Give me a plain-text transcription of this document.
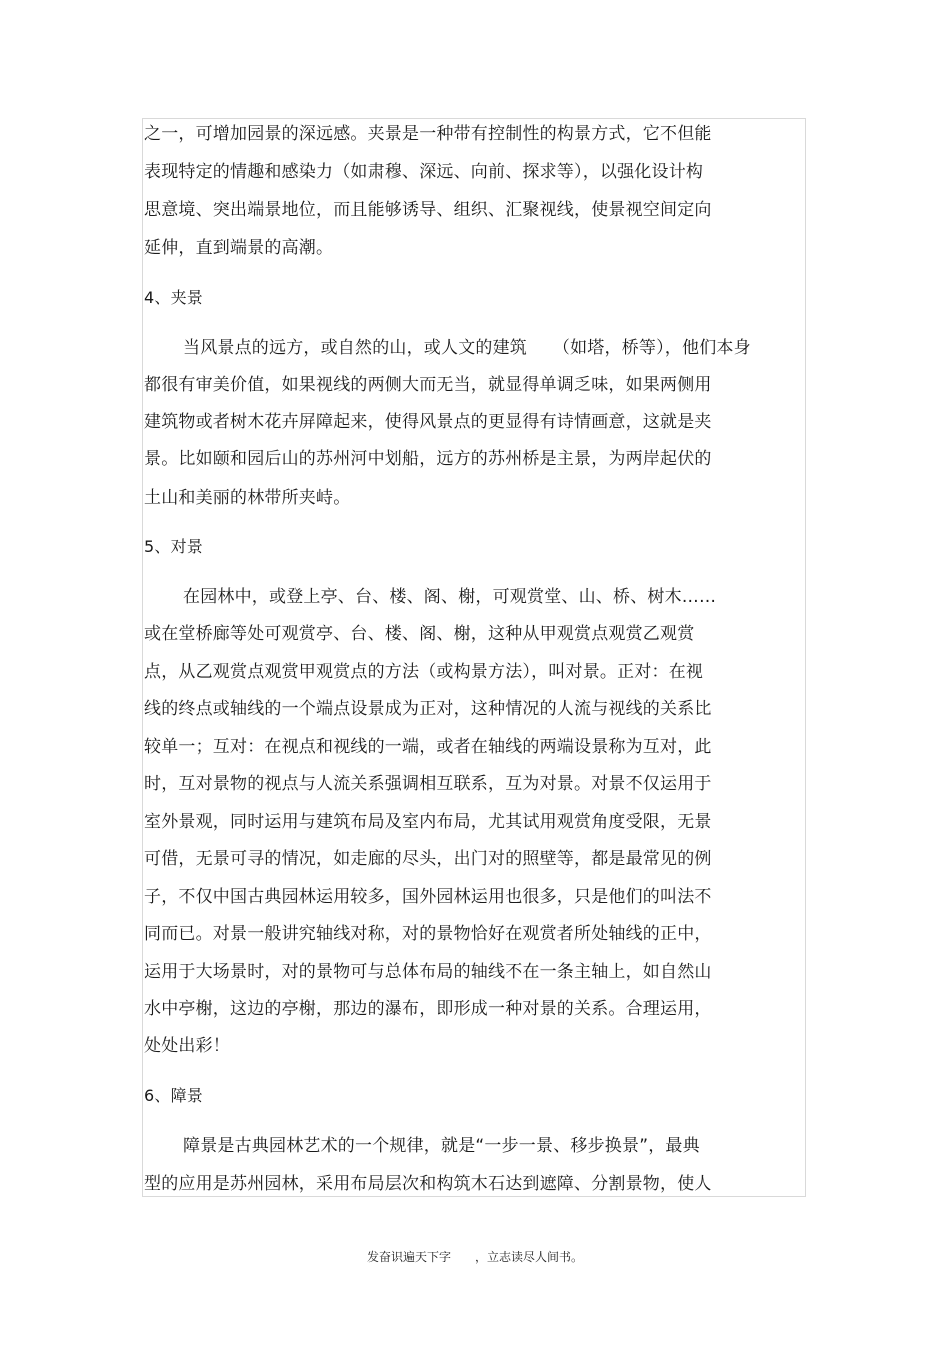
之一，可增加园景的深远感。夹景是一种带有控制性的构景方式，它不但能

表现特定的情趣和感染力（如肃穆、深远、向前、探求等），以强化设计构

思意境、突出端景地位，而且能够诱导、组织、汇聚视线，使景视空间定向

延伸，直到端景的高潮。

4、夹景

当风景点的远方，或自然的山，或人文的建筑　　（如塔，桥等），他们本身

都很有审美价值，如果视线的两侧大而无当，就显得单调乏味，如果两侧用

建筑物或者树木花卉屏障起来，使得风景点的更显得有诗情画意，这就是夹

景。比如颐和园后山的苏州河中划船，远方的苏州桥是主景，为两岸起伏的

土山和美丽的林带所夹峙。

5、对景

在园林中，或登上亭、台、楼、阁、榭，可观赏堂、山、桥、树木……

或在堂桥廊等处可观赏亭、台、楼、阁、榭，这种从甲观赏点观赏乙观赏

点，从乙观赏点观赏甲观赏点的方法（或构景方法），叫对景。正对：在视

线的终点或轴线的一个端点设景成为正对，这种情况的人流与视线的关系比

较单一；互对：在视点和视线的一端，或者在轴线的两端设景称为互对，此

时，互对景物的视点与人流关系强调相互联系，互为对景。对景不仅运用于

室外景观，同时运用与建筑布局及室内布局，尤其试用观赏角度受限，无景

可借，无景可寻的情况，如走廊的尽头，出门对的照壁等，都是最常见的例

子，不仅中国古典园林运用较多，国外园林运用也很多，只是他们的叫法不

同而已。对景一般讲究轴线对称，对的景物恰好在观赏者所处轴线的正中，

运用于大场景时，对的景物可与总体布局的轴线不在一条主轴上，如自然山

水中亭榭，这边的亭榭，那边的瀑布，即形成一种对景的关系。合理运用，

处处出彩！

6、障景

障景是古典园林艺术的一个规律，就是“一步一景、移步换景”，最典

型的应用是苏州园林，采用布局层次和构筑木石达到遮障、分割景物，使人

发奋识遍天下字　　，立志读尽人间书。
